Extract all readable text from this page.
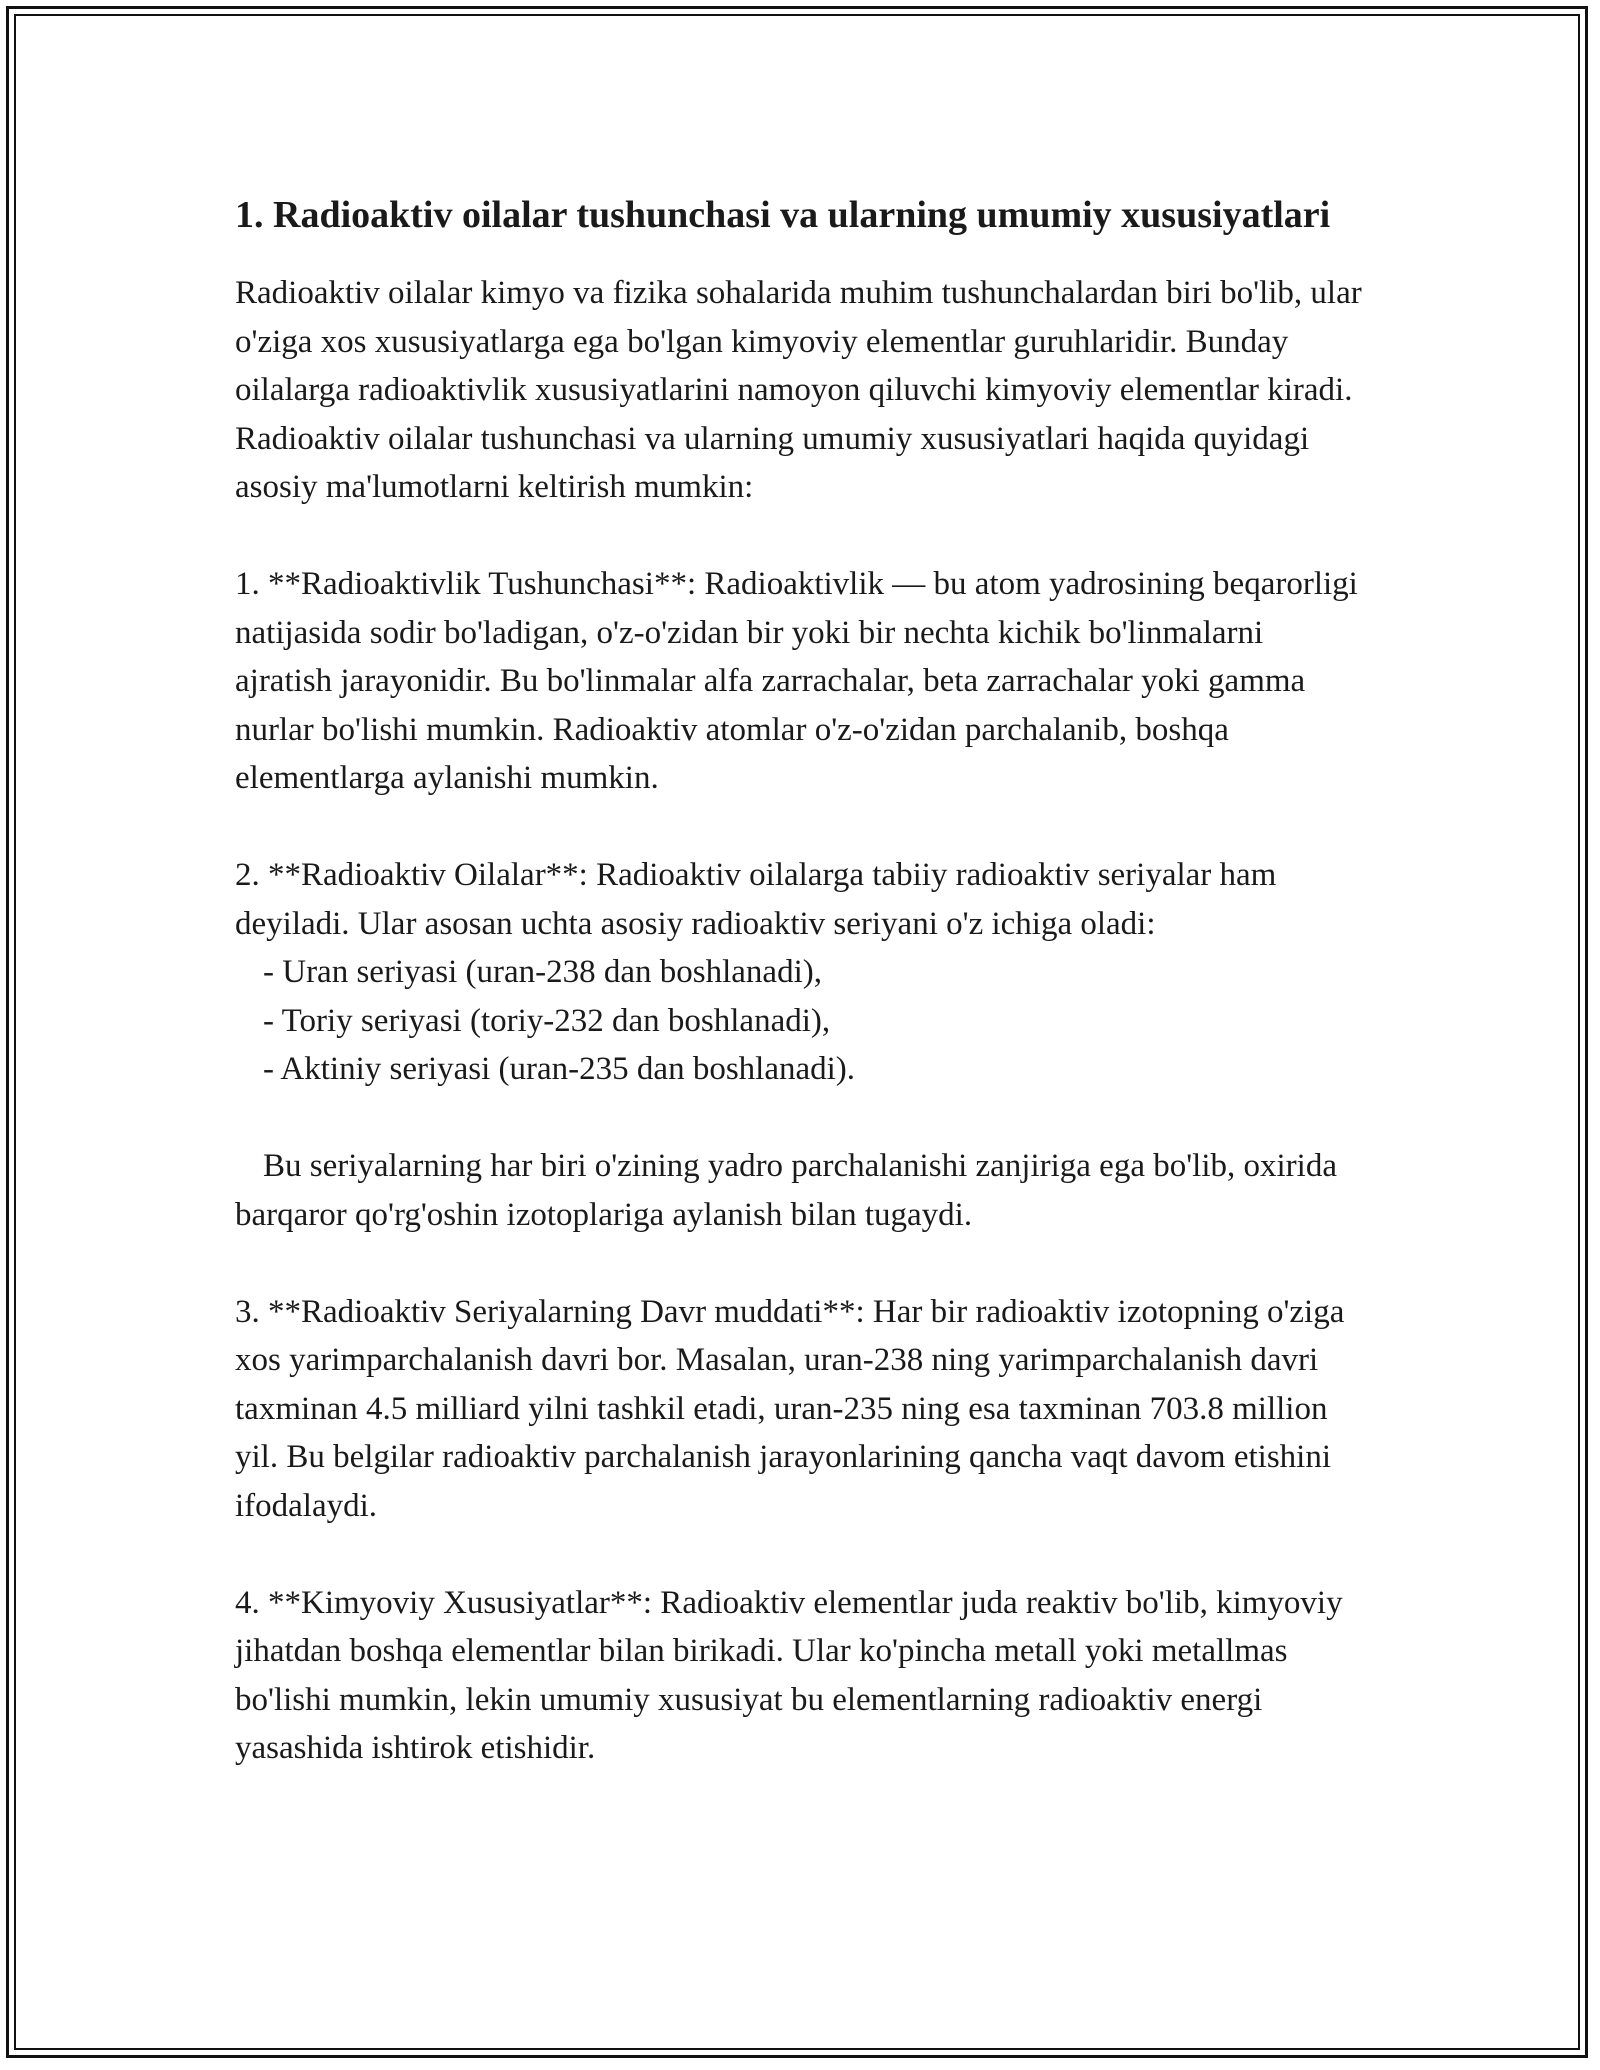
1. Radioaktiv oilalar tushunchasi va ularning umumiy xususiyatlari

Radioaktiv oilalar kimyo va fizika sohalarida muhim tushunchalardan biri bo'lib, ular o'ziga xos xususiyatlarga ega bo'lgan kimyoviy elementlar guruhlaridir. Bunday oilalarga radioaktivlik xususiyatlarini namoyon qiluvchi kimyoviy elementlar kiradi. Radioaktiv oilalar tushunchasi va ularning umumiy xususiyatlari haqida quyidagi asosiy ma'lumotlarni keltirish mumkin:

1. **Radioaktivlik Tushunchasi**: Radioaktivlik — bu atom yadrosining beqarorligi natijasida sodir bo'ladigan, o'z-o'zidan bir yoki bir nechta kichik bo'linmalarni ajratish jarayonidir. Bu bo'linmalar alfa zarrachalar, beta zarrachalar yoki gamma nurlar bo'lishi mumkin. Radioaktiv atomlar o'z-o'zidan parchalanib, boshqa elementlarga aylanishi mumkin.

2. **Radioaktiv Oilalar**: Radioaktiv oilalarga tabiiy radioaktiv seriyalar ham deyiladi. Ular asosan uchta asosiy radioaktiv seriyani o'z ichiga oladi:

- Uran seriyasi (uran-238 dan boshlanadi),

- Toriy seriyasi (toriy-232 dan boshlanadi),

- Aktiniy seriyasi (uran-235 dan boshlanadi).

Bu seriyalarning har biri o'zining yadro parchalanishi zanjiriga ega bo'lib, oxirida barqaror qo'rg'oshin izotoplariga aylanish bilan tugaydi.

3. **Radioaktiv Seriyalarning Davr muddati**: Har bir radioaktiv izotopning o'ziga xos yarimparchalanish davri bor. Masalan, uran-238 ning yarimparchalanish davri taxminan 4.5 milliard yilni tashkil etadi, uran-235 ning esa taxminan 703.8 million yil. Bu belgilar radioaktiv parchalanish jarayonlarining qancha vaqt davom etishini ifodalaydi.

4. **Kimyoviy Xususiyatlar**: Radioaktiv elementlar juda reaktiv bo'lib, kimyoviy jihatdan boshqa elementlar bilan birikadi. Ular ko'pincha metall yoki metallmas bo'lishi mumkin, lekin umumiy xususiyat bu elementlarning radioaktiv energi yasashida ishtirok etishidir.
